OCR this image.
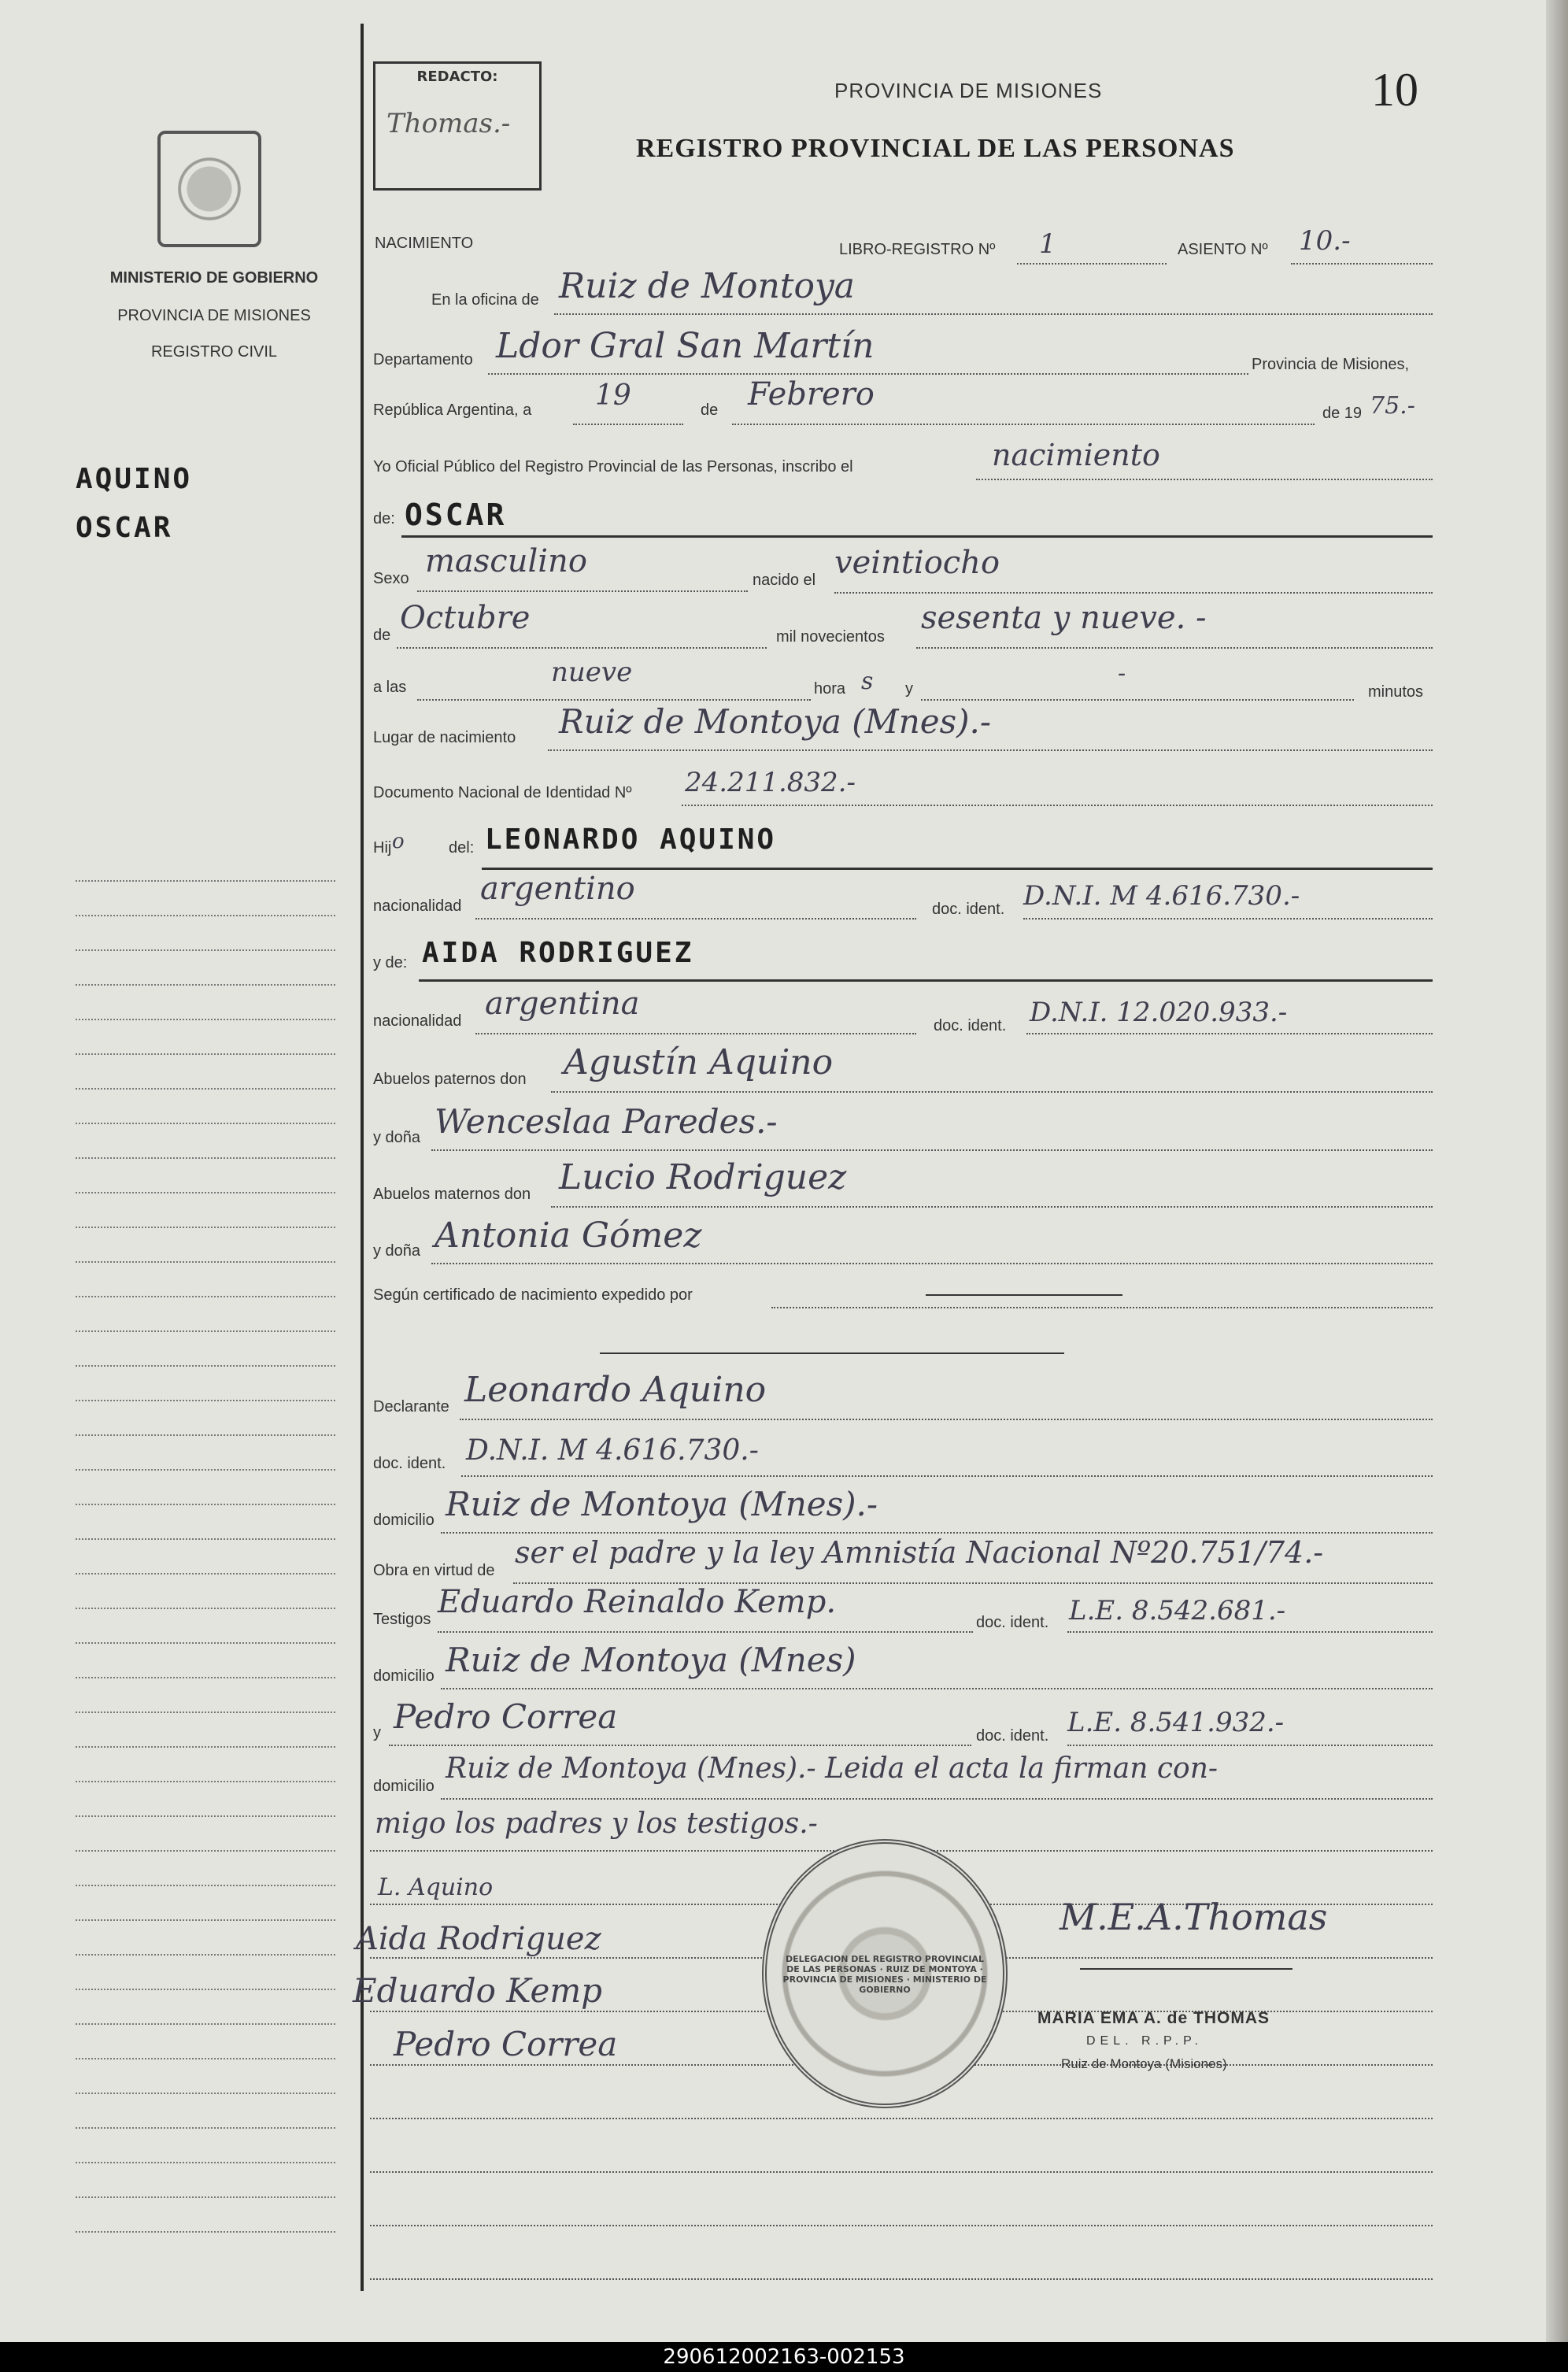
MINISTERIO DE GOBIERNO
PROVINCIA DE MISIONES
REGISTRO CIVIL
AQUINO
OSCAR
REDACTO:
Thomas.-
PROVINCIA DE MISIONES
REGISTRO PROVINCIAL DE LAS PERSONAS
10
NACIMIENTO	LIBRO-REGISTRO Nº 1	ASIENTO Nº 10.-
En la oficina de Ruiz de Montoya
Departamento Ldor Gral San Martín	Provincia de Misiones,
República Argentina, a 19	de Febrero
de 19 75.-
Yo Oficial Público del Registro Provincial de las Personas, inscribo el	nacimiento
de: OSCAR
Sexo masculino
nacido el veintiocho
de Octubre
mil novecientos
sesenta y nueve. -
a las	nueve
hora s y
-
minutos
Lugar de nacimiento Ruiz de Montoya (Mnes).-
Documento Nacional de Identidad Nº 24.211.832.-
Hij o	del: LEONARDO AQUINO
nacionalidad argentino
doc. ident. D.N.I. M 4.616.730.-
y de: AIDA RODRIGUEZ
nacionalidad argentina
doc. ident. D.N.I. 12.020.933.-
Abuelos paternos don Agustín Aquino
y doña Wenceslaa Paredes.-
Abuelos maternos don Lucio Rodriguez
y doña Antonia Gómez
Según certificado de nacimiento expedido por
Declarante Leonardo Aquino
doc. ident. D.N.I. M 4.616.730.-
domicilio Ruiz de Montoya (Mnes).-
Obra en virtud de
ser el padre y la ley Amnistía Nacional Nº20.751/74.-
Testigos Eduardo Reinaldo Kemp.
doc. ident. L.E. 8.542.681.-
domicilio Ruiz de Montoya (Mnes)
y Pedro Correa	doc. ident. L.E. 8.541.932.-
domicilio
Ruiz de Montoya (Mnes).- Leida el acta la firman con-
migo los padres y los testigos.-
L. Aquino
Aida Rodriguez
Eduardo Kemp
Pedro Correa
DELEGACION DEL REGISTRO PROVINCIAL DE LAS PERSONAS · RUIZ DE MONTOYA · PROVINCIA DE MISIONES · MINISTERIO DE GOBIERNO
M.E.A.Thomas
MARIA EMA A. de THOMAS
DEL. R.P.P.
Ruiz de Montoya (Misiones)
290612002163-002153
